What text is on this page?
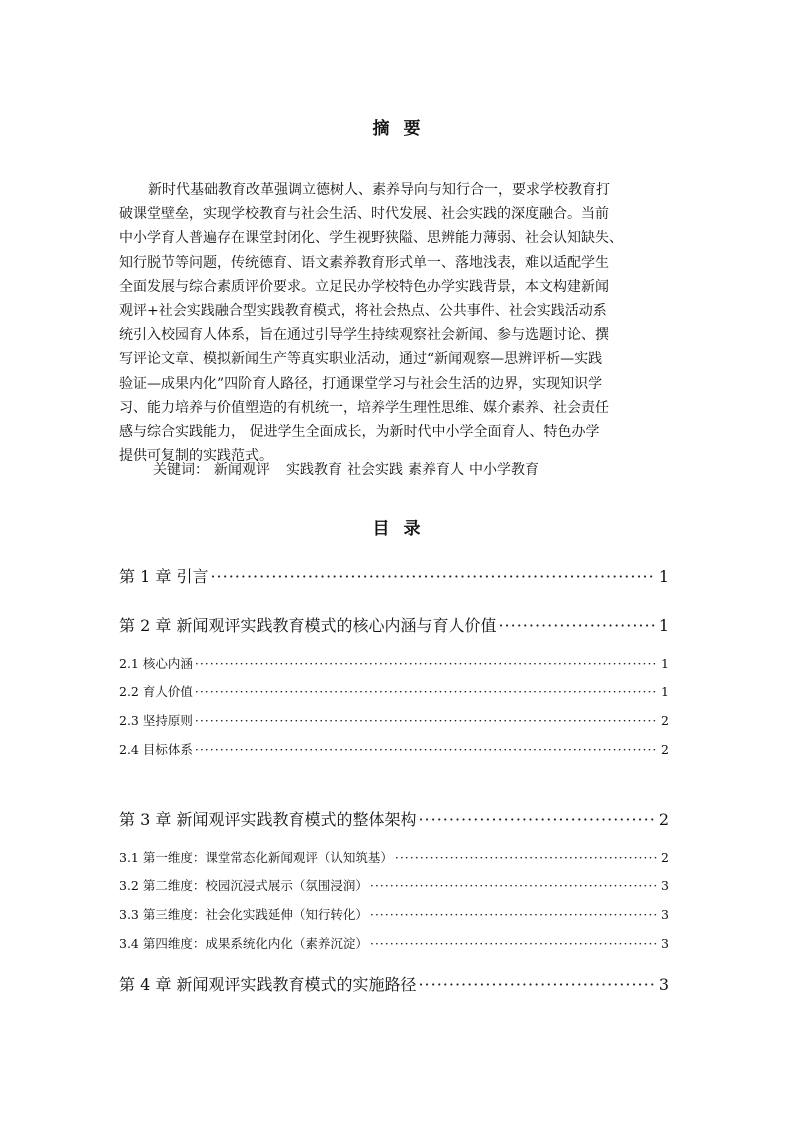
摘要

新时代基础教育改革强调立德树人、素养导向与知行合一，要求学校教育打
破课堂壁垒，实现学校教育与社会生活、时代发展、社会实践的深度融合。当前
中小学育人普遍存在课堂封闭化、学生视野狭隘、思辨能力薄弱、社会认知缺失、
知行脱节等问题，传统德育、语文素养教育形式单一、落地浅表，难以适配学生
全面发展与综合素质评价要求。立足民办学校特色办学实践背景，本文构建新闻
观评+社会实践融合型实践教育模式，将社会热点、公共事件、社会实践活动系
统引入校园育人体系，旨在通过引导学生持续观察社会新闻、参与选题讨论、撰
写评论文章、模拟新闻生产等真实职业活动，通过“新闻观察—思辨评析—实践
验证—成果内化”四阶育人路径，打通课堂学习与社会生活的边界，实现知识学
习、能力培养与价值塑造的有机统一，培养学生理性思维、媒介素养、社会责任
感与综合实践能力， 促进学生全面成长，为新时代中小学全面育人、特色办学
提供可复制的实践范式。

关键词： 新闻观评 实践教育 社会实践 素养育人 中小学教育
目录
第 1 章 引言 ·····	1
第 2 章 新闻观评实践教育模式的核心内涵与育人价值 ·····	1
2.1 核心内涵 ·····	1
2.2 育人价值 ·····	1
2.3 坚持原则 ·····	2
2.4 目标体系 ·····	2
第 3 章 新闻观评实践教育模式的整体架构 ·····	2
3.1 第一维度：课堂常态化新闻观评（认知筑基） ·····	2
3.2 第二维度：校园沉浸式展示（氛围浸润） ·····	3
3.3 第三维度：社会化实践延伸（知行转化） ·····	3
3.4 第四维度：成果系统化内化（素养沉淀） ·····	3
第 4 章 新闻观评实践教育模式的实施路径 ·····	3
